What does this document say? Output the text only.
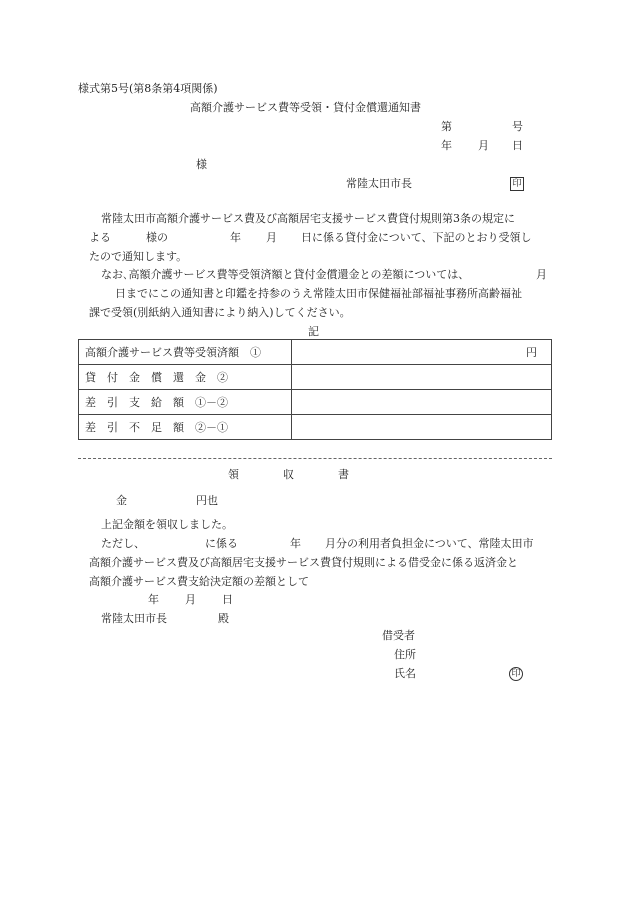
様式第5号(第8条第4項関係)
高額介護サービス費等受領・貸付金償還通知書
第	号
年 月 日
様
常陸太田市長	印
常陸太田市高額介護サービス費及び高額居宅支援サービス費貸付規則第3条の規定に
よる	様の	年 月 日に係る貸付金について、下記のとおり受領し
たので通知します。
なお､高額介護サービス費等受領済額と貸付金償還金との差額については、	月
日までにこの通知書と印鑑を持参のうえ常陸太田市保健福祉部福祉事務所高齢福祉
課で受領(別紙納入通知書により納入)してください。
記
高額介護サービス費等受領済額　①	円
貸　付　金　償　還　金　②	
差　引　支　給　額　①－②	
差　引　不　足　額　②－①	
領　　　　収　　　　書
金	円也
上記金額を領収しました。
ただし、	に係る	年 月分の利用者負担金について、常陸太田市
高額介護サービス費及び高額居宅支援サービス費貸付規則による借受金に係る返済金と
高額介護サービス費支給決定額の差額として
年 月 日
常陸太田市長	殿
借受者
住所
氏名	印
